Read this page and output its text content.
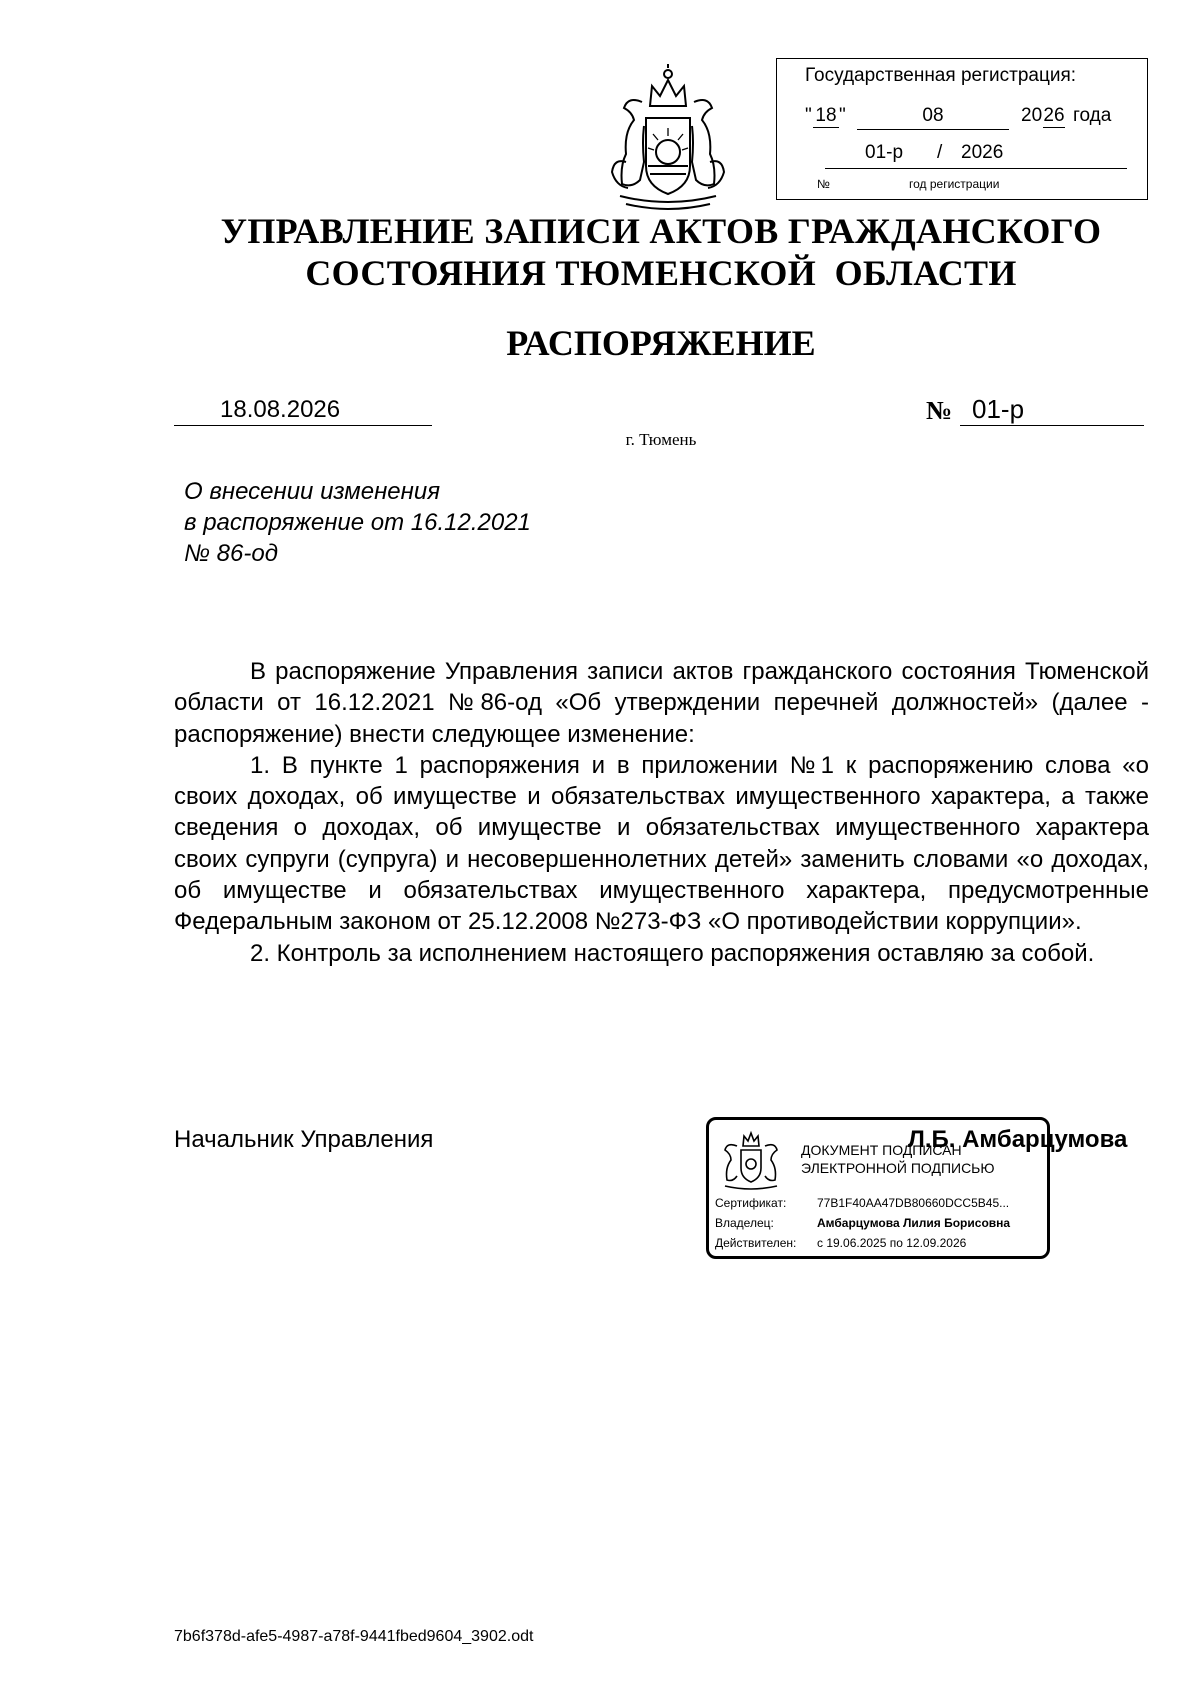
Государственная регистрация:
" 18 "	08	20 26 года
01-р / 2026
№	год регистрации
УПРАВЛЕНИЕ ЗАПИСИ АКТОВ ГРАЖДАНСКОГО
СОСТОЯНИЯ ТЮМЕНСКОЙ  ОБЛАСТИ
РАСПОРЯЖЕНИЕ
18.08.2026	№ 01-р
г. Тюмень
О внесении изменения
в распоряжение от 16.12.2021
№ 86-од

В распоряжение Управления записи актов гражданского состояния Тюменской области от 16.12.2021 №86-од «Об утверждении перечней должностей» (далее - распоряжение) внести следующее изменение:

1. В пункте 1 распоряжения и в приложении №1 к распоряжению слова «о своих доходах, об имуществе и обязательствах имущественного характера, а также сведения о доходах, об имуществе и обязательствах имущественного характера своих супруги (супруга) и несовершеннолетних детей» заменить словами «о доходах, об имуществе и обязательствах имущественного характера, предусмотренные Федеральным законом от 25.12.2008 №273-ФЗ «О противодействии коррупции».

2. Контроль за исполнением настоящего распоряжения оставляю за собой.

Начальник Управления	Л.Б. Амбарцумова
ДОКУМЕНТ ПОДПИСАН
ЭЛЕКТРОННОЙ ПОДПИСЬЮ
Сертификат:	77B1F40AA47DB80660DCC5B45...
Владелец:	Амбарцумова Лилия Борисовна
Действителен: с 19.06.2025 по 12.09.2026
7b6f378d-afe5-4987-a78f-9441fbed9604_3902.odt
